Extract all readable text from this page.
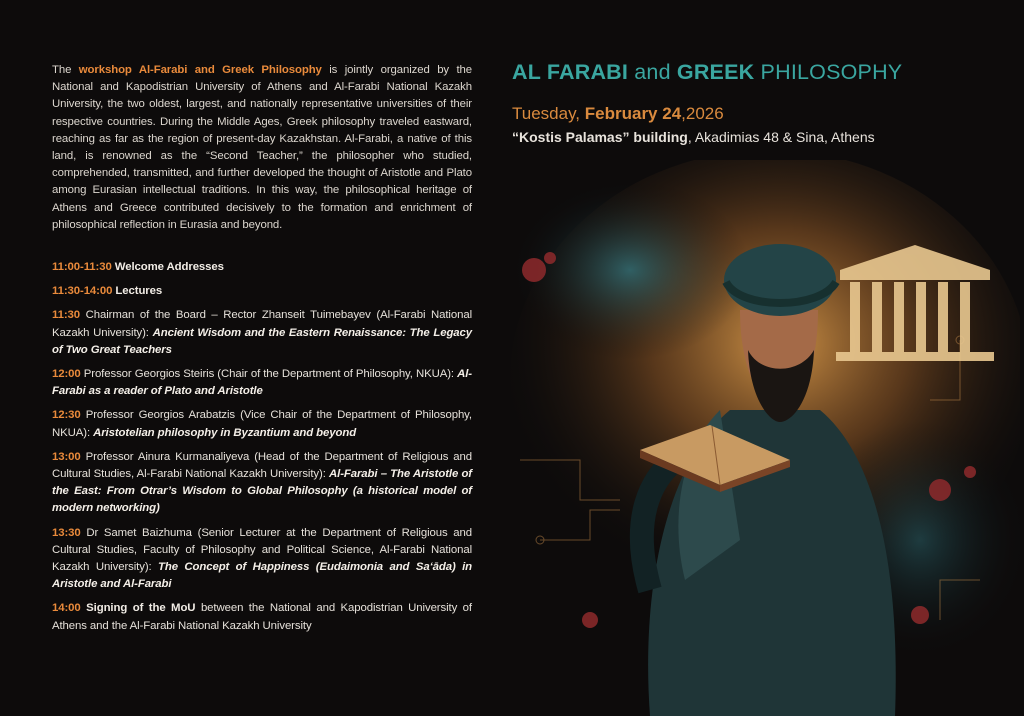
The workshop Al-Farabi and Greek Philosophy is jointly organized by the National and Kapodistrian University of Athens and Al-Farabi National Kazakh University, the two oldest, largest, and nationally representative universities of their respective countries. During the Middle Ages, Greek philosophy traveled eastward, reaching as far as the region of present-day Kazakhstan. Al-Farabi, a native of this land, is renowned as the “Second Teacher,” the philosopher who studied, comprehended, transmitted, and further developed the thought of Aristotle and Plato among Eurasian intellectual traditions. In this way, the philosophical heritage of Athens and Greece contributed decisively to the formation and enrichment of philosophical reflection in Eurasia and beyond.

11:00-11:30 Welcome Addresses
11:30-14:00 Lectures
11:30 Chairman of the Board – Rector Zhanseit Tuimebayev (Al-Farabi National Kazakh University): Ancient Wisdom and the Eastern Renaissance: The Legacy of Two Great Teachers
12:00 Professor Georgios Steiris (Chair of the Department of Philosophy, NKUA): Al-Farabi as a reader of Plato and Aristotle
12:30 Professor Georgios Arabatzis (Vice Chair of the Department of Philosophy, NKUA): Aristotelian philosophy in Byzantium and beyond
13:00 Professor Ainura Kurmanaliyeva (Head of the Department of Religious and Cultural Studies, Al-Farabi National Kazakh University): Al-Farabi – The Aristotle of the East: From Otrar’s Wisdom to Global Philosophy (a historical model of modern networking)
13:30 Dr Samet Baizhuma (Senior Lecturer at the Department of Religious and Cultural Studies, Faculty of Philosophy and Political Science, Al-Farabi National Kazakh University): The Concept of Happiness (Eudaimonia and Sa‘āda) in Aristotle and Al-Farabi
14:00 Signing of the MoU between the National and Kapodistrian University of Athens and the Al-Farabi National Kazakh University
AL FARABI and GREEK PHILOSOPHY
Tuesday, February 24,2026
“Kostis Palamas” building, Akadimias 48 & Sina, Athens
